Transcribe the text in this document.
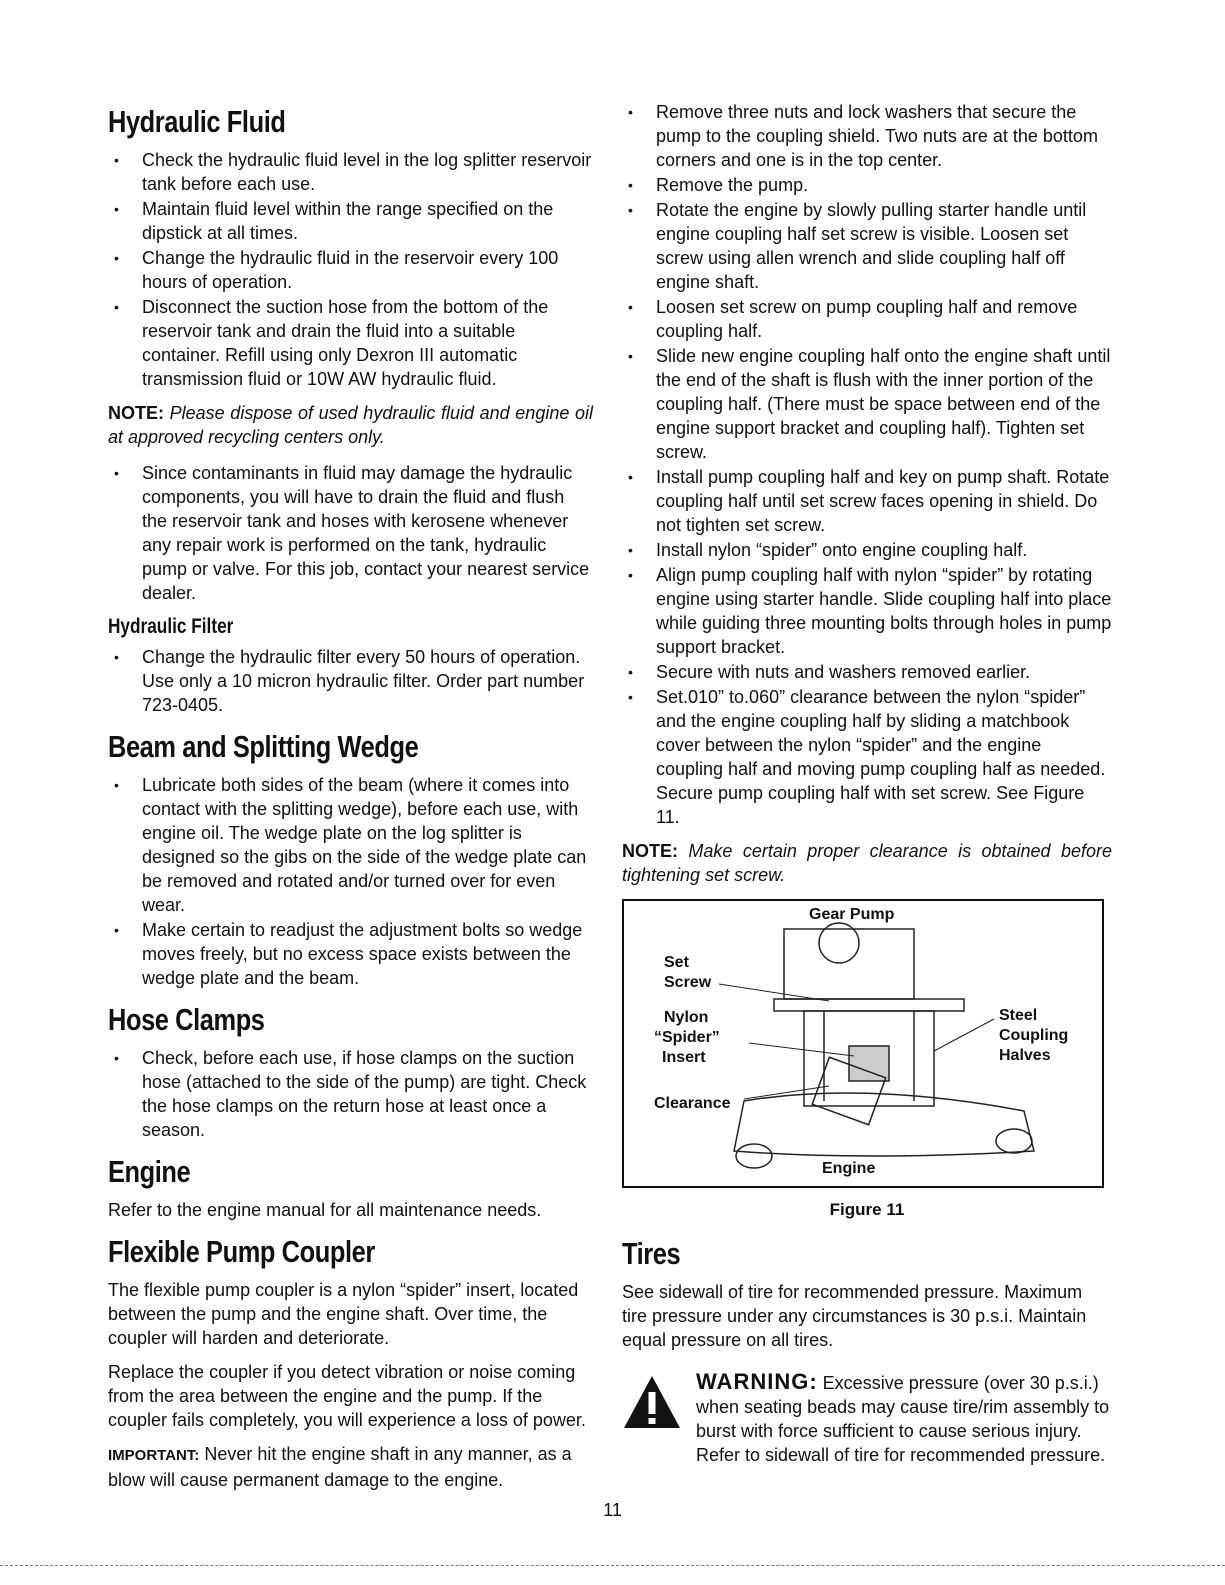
Hydraulic Fluid
• Check the hydraulic fluid level in the log splitter reservoir tank before each use.
• Maintain fluid level within the range specified on the dipstick at all times.
• Change the hydraulic fluid in the reservoir every 100 hours of operation.
• Disconnect the suction hose from the bottom of the reservoir tank and drain the fluid into a suitable container. Refill using only Dexron III automatic transmission fluid or 10W AW hydraulic fluid.
NOTE: Please dispose of used hydraulic fluid and engine oil at approved recycling centers only.
• Since contaminants in fluid may damage the hydraulic components, you will have to drain the fluid and flush the reservoir tank and hoses with kerosene whenever any repair work is performed on the tank, hydraulic pump or valve. For this job, contact your nearest service dealer.
Hydraulic Filter
• Change the hydraulic filter every 50 hours of operation. Use only a 10 micron hydraulic filter. Order part number 723-0405.
Beam and Splitting Wedge
• Lubricate both sides of the beam (where it comes into contact with the splitting wedge), before each use, with engine oil. The wedge plate on the log splitter is designed so the gibs on the side of the wedge plate can be removed and rotated and/or turned over for even wear.
• Make certain to readjust the adjustment bolts so wedge moves freely, but no excess space exists between the wedge plate and the beam.
Hose Clamps
• Check, before each use, if hose clamps on the suction hose (attached to the side of the pump) are tight. Check the hose clamps on the return hose at least once a season.
Engine

Refer to the engine manual for all maintenance needs.

Flexible Pump Coupler

The flexible pump coupler is a nylon “spider” insert, located between the pump and the engine shaft. Over time, the coupler will harden and deteriorate.

Replace the coupler if you detect vibration or noise coming from the area between the engine and the pump. If the coupler fails completely, you will experience a loss of power.

IMPORTANT: Never hit the engine shaft in any manner, as a blow will cause permanent damage to the engine.

• Remove three nuts and lock washers that secure the pump to the coupling shield. Two nuts are at the bottom corners and one is in the top center.
• Remove the pump.
• Rotate the engine by slowly pulling starter handle until engine coupling half set screw is visible. Loosen set screw using allen wrench and slide coupling half off engine shaft.
• Loosen set screw on pump coupling half and remove coupling half.
• Slide new engine coupling half onto the engine shaft until the end of the shaft is flush with the inner portion of the coupling half. (There must be space between end of the engine support bracket and coupling half). Tighten set screw.
• Install pump coupling half and key on pump shaft. Rotate coupling half until set screw faces opening in shield. Do not tighten set screw.
• Install nylon “spider” onto engine coupling half.
• Align pump coupling half with nylon “spider” by rotating engine using starter handle. Slide coupling half into place while guiding three mounting bolts through holes in pump support bracket.
• Secure with nuts and washers removed earlier.
• Set.010” to.060” clearance between the nylon “spider” and the engine coupling half by sliding a matchbook cover between the nylon “spider” and the engine coupling half and moving pump coupling half as needed. Secure pump coupling half with set screw. See Figure 11.
NOTE: Make certain proper clearance is obtained before tightening set screw.
Gear Pump
Set
Screw
Nylon
“Spider”
Insert
Steel
Coupling
Halves
Clearance
Engine
Figure 11
Tires

See sidewall of tire for recommended pressure. Maximum tire pressure under any circumstances is 30 p.s.i. Maintain equal pressure on all tires.

WARNING: Excessive pressure (over 30 p.s.i.) when seating beads may cause tire/rim assembly to burst with force sufficient to cause serious injury. Refer to sidewall of tire for recommended pressure.

11
